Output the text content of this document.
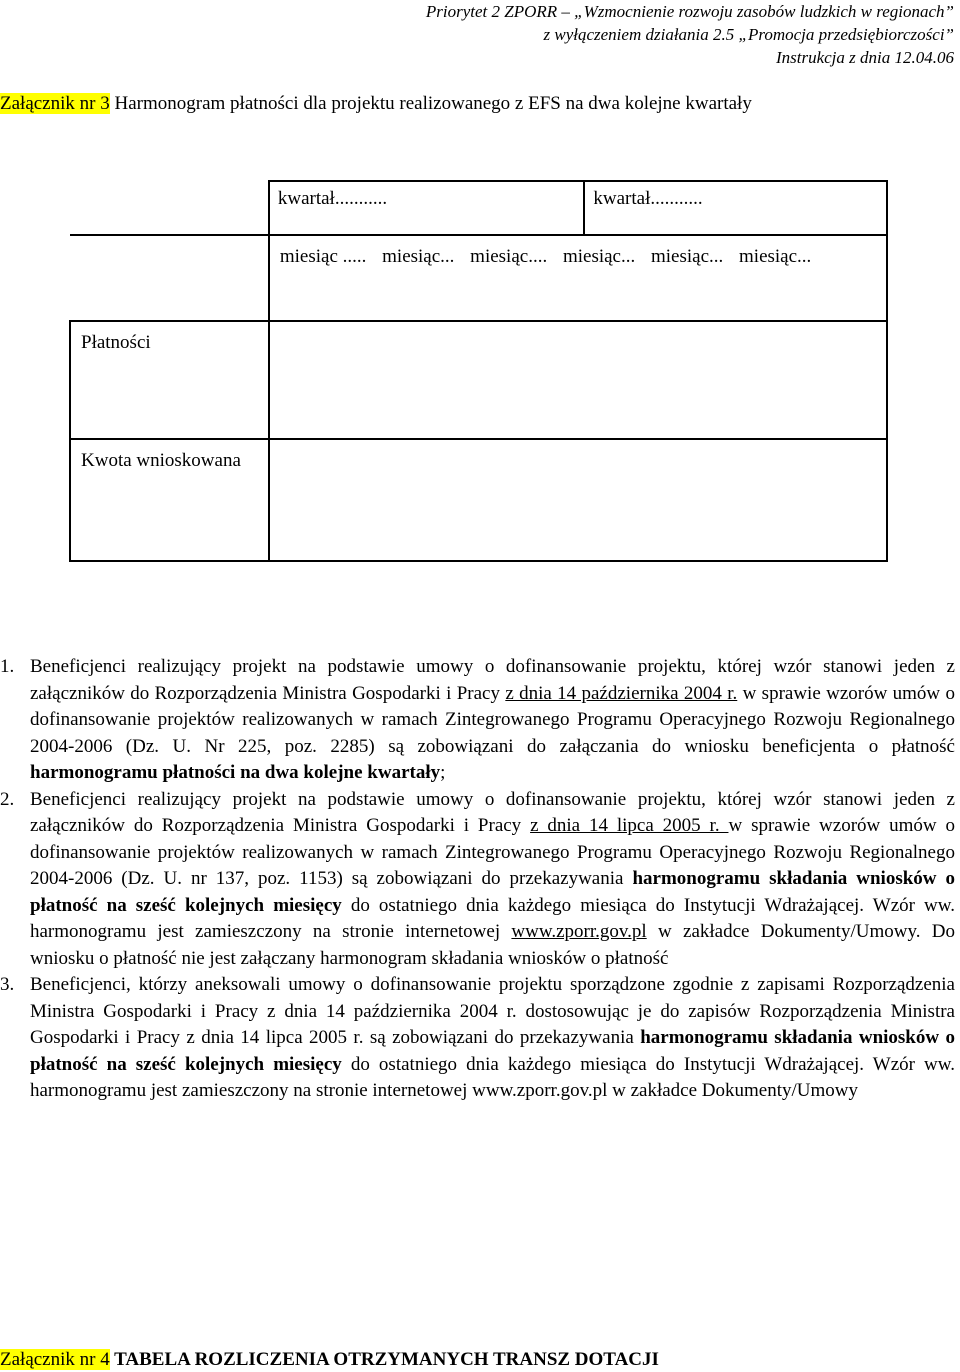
Priorytet 2 ZPORR – „Wzmocnienie rozwoju zasobów ludzkich w regionach”
z wyłączeniem działania 2.5 „Promocja przedsiębiorczości”
Instrukcja z dnia 12.04.06
Załącznik nr 3 Harmonogram płatności dla projektu realizowanego z EFS na dwa kolejne kwartały
	kwartał...........	kwartał...........
	miesiąc ..... miesiąc... miesiąc.... miesiąc... miesiąc... miesiąc...	
Płatności		
Kwota wnioskowana		
1. Beneficjenci realizujący projekt na podstawie umowy o dofinansowanie projektu, której wzór stanowi jeden z załączników do Rozporządzenia Ministra Gospodarki i Pracy z dnia 14 października 2004 r. w sprawie wzorów umów o dofinansowanie projektów realizowanych w ramach Zintegrowanego Programu Operacyjnego Rozwoju Regionalnego 2004-2006 (Dz. U. Nr 225, poz. 2285) są zobowiązani do załączania do wniosku beneficjenta o płatność harmonogramu płatności na dwa kolejne kwartały;
2. Beneficjenci realizujący projekt na podstawie umowy o dofinansowanie projektu, której wzór stanowi jeden z załączników do Rozporządzenia Ministra Gospodarki i Pracy z dnia 14 lipca 2005 r. w sprawie wzorów umów o dofinansowanie projektów realizowanych w ramach Zintegrowanego Programu Operacyjnego Rozwoju Regionalnego 2004-2006 (Dz. U. nr 137, poz. 1153) są zobowiązani do przekazywania harmonogramu składania wniosków o płatność na sześć kolejnych miesięcy do ostatniego dnia każdego miesiąca do Instytucji Wdrażającej. Wzór ww. harmonogramu jest zamieszczony na stronie internetowej www.zporr.gov.pl w zakładce Dokumenty/Umowy. Do wniosku o płatność nie jest załączany harmonogram składania wniosków o płatność
3. Beneficjenci, którzy aneksowali umowy o dofinansowanie projektu sporządzone zgodnie z zapisami Rozporządzenia Ministra Gospodarki i Pracy z dnia 14 października 2004 r. dostosowując je do zapisów Rozporządzenia Ministra Gospodarki i Pracy z dnia 14 lipca 2005 r. są zobowiązani do przekazywania harmonogramu składania wniosków o płatność na sześć kolejnych miesięcy do ostatniego dnia każdego miesiąca do Instytucji Wdrażającej. Wzór ww. harmonogramu jest zamieszczony na stronie internetowej www.zporr.gov.pl w zakładce Dokumenty/Umowy
Załącznik nr 4 TABELA ROZLICZENIA OTRZYMANYCH TRANSZ DOTACJI
